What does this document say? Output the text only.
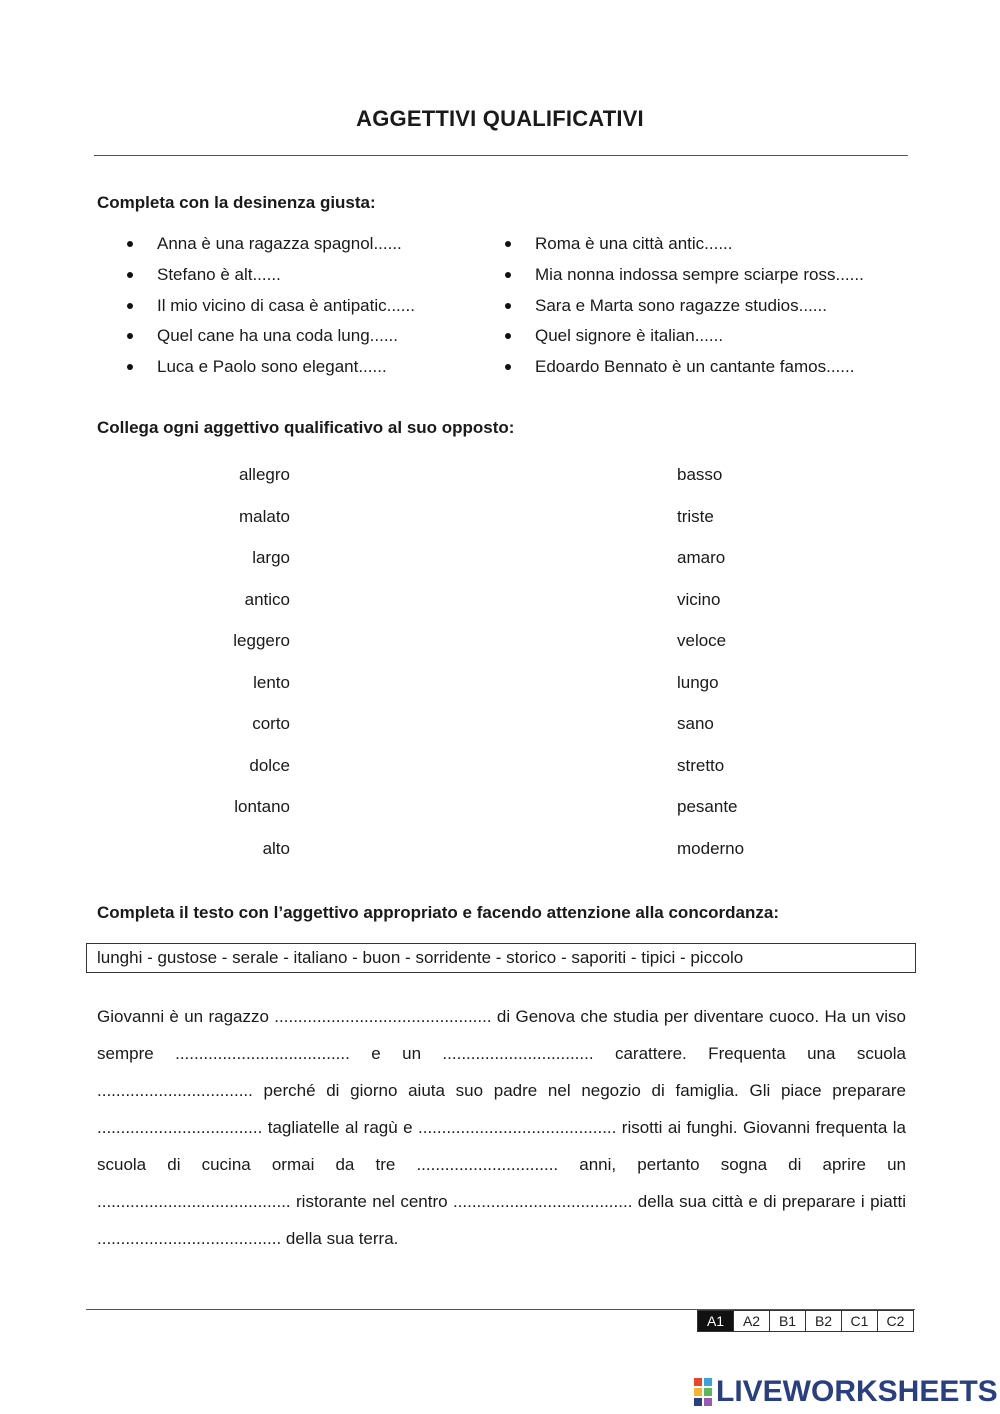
AGGETTIVI QUALIFICATIVI
Completa con la desinenza giusta:
Anna è una ragazza spagnol......
Stefano è alt......
Il mio vicino di casa è antipatic......
Quel cane ha una coda lung......
Luca e Paolo sono elegant......
Roma è una città antic......
Mia nonna indossa sempre sciarpe ross......
Sara e Marta sono ragazze studios......
Quel signore è italian......
Edoardo Bennato è un cantante famos......
Collega ogni aggettivo qualificativo al suo opposto:
allegro
malato
largo
antico
leggero
lento
corto
dolce
lontano
alto
basso
triste
amaro
vicino
veloce
lungo
sano
stretto
pesante
moderno
Completa il testo con l’aggettivo appropriato e facendo attenzione alla concordanza:
lunghi - gustose - serale - italiano - buon - sorridente - storico - saporiti - tipici - piccolo

Giovanni è un ragazzo .............................................. di Genova che studia per diventare cuoco. Ha un viso sempre ..................................... e un ................................ carattere. Frequenta una scuola ................................. perché di giorno aiuta suo padre nel negozio di famiglia. Gli piace preparare ................................... tagliatelle al ragù e .......................................... risotti ai funghi. Giovanni frequenta la scuola di cucina ormai da tre .............................. anni, pertanto sogna di aprire un ......................................... ristorante nel centro ...................................... della sua città e di preparare i piatti ....................................... della sua terra.

A1	A2	B1	B2	C1	C2
LIVEWORKSHEETS
